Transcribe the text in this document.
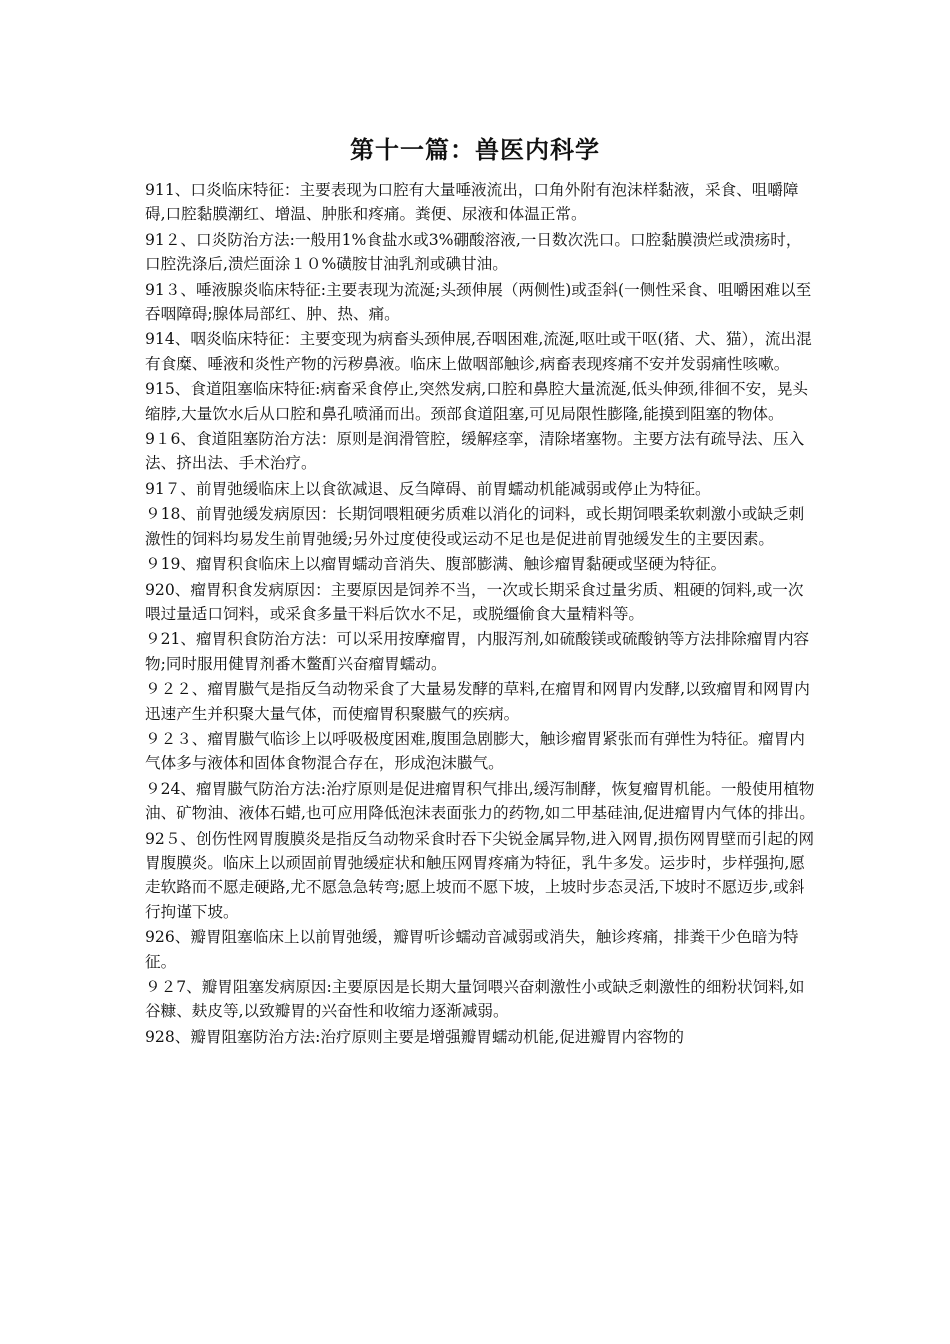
第十一篇：兽医内科学

911、口炎临床特征：主要表现为口腔有大量唾液流出，口角外附有泡沫样黏液，采食、咀嚼障碍,口腔黏膜潮红、增温、肿胀和疼痛。粪便、尿液和体温正常。

91２、口炎防治方法:一般用1%食盐水或3%硼酸溶液,一日数次洗口。口腔黏膜溃烂或溃疡时，口腔洗涤后,溃烂面涂１０%磺胺甘油乳剂或碘甘油。

91３、唾液腺炎临床特征:主要表现为流涎;头颈伸展（两侧性)或歪斜(一侧性采食、咀嚼困难以至吞咽障碍;腺体局部红、肿、热、痛。

914、咽炎临床特征：主要变现为病畜头颈伸展,吞咽困难,流涎,呕吐或干呕(猪、犬、猫），流出混有食糜、唾液和炎性产物的污秽鼻液。临床上做咽部触诊,病畜表现疼痛不安并发弱痛性咳嗽。

915、食道阻塞临床特征:病畜采食停止,突然发病,口腔和鼻腔大量流涎,低头伸颈,徘徊不安，晃头缩脖,大量饮水后从口腔和鼻孔喷涌而出。颈部食道阻塞,可见局限性膨隆,能摸到阻塞的物体。

9１6、食道阻塞防治方法：原则是润滑管腔，缓解痉挛，清除堵塞物。主要方法有疏导法、压入法、挤出法、手术治疗。

91７、前胃弛缓临床上以食欲减退、反刍障碍、前胃蠕动机能减弱或停止为特征。

９18、前胃弛缓发病原因：长期饲喂粗硬劣质难以消化的词料，或长期饲喂柔软刺激小或缺乏刺激性的饲料均易发生前胃弛缓;另外过度使役或运动不足也是促进前胃弛缓发生的主要因素。

９19、瘤胃积食临床上以瘤胃蠕动音消失、腹部膨满、触诊瘤胃黏硬或坚硬为特征。

920、瘤胃积食发病原因：主要原因是饲养不当，一次或长期采食过量劣质、粗硬的饲料,或一次喂过量适口饲料，或采食多量干料后饮水不足，或脱缰偷食大量精料等。

９21、瘤胃积食防治方法：可以采用按摩瘤胃，内服泻剂,如硫酸镁或硫酸钠等方法排除瘤胃内容物;同时服用健胃剂番木鳖酊兴奋瘤胃蠕动。

９２２、瘤胃臌气是指反刍动物采食了大量易发酵的草料,在瘤胃和网胃内发酵,以致瘤胃和网胃内迅速产生并积聚大量气体，而使瘤胃积聚臌气的疾病。

９２３、瘤胃臌气临诊上以呼吸极度困难,腹围急剧膨大，触诊瘤胃紧张而有弹性为特征。瘤胃内气体多与液体和固体食物混合存在，形成泡沫臌气。

９24、瘤胃臌气防治方法:治疗原则是促进瘤胃积气排出,缓泻制酵，恢复瘤胃机能。一般使用植物油、矿物油、液体石蜡,也可应用降低泡沫表面张力的药物,如二甲基硅油,促进瘤胃内气体的排出。

92５、创伤性网胃腹膜炎是指反刍动物采食时吞下尖锐金属异物,进入网胃,损伤网胃壁而引起的网胃腹膜炎。临床上以顽固前胃弛缓症状和触压网胃疼痛为特征，乳牛多发。运步时，步样强拘,愿走软路而不愿走硬路,尤不愿急急转弯;愿上坡而不愿下坡，上坡时步态灵活,下坡时不愿迈步,或斜行拘谨下坡。

926、瓣胃阻塞临床上以前胃弛缓，瓣胃听诊蠕动音减弱或消失，触诊疼痛，排粪干少色暗为特征。

９２7、瓣胃阻塞发病原因:主要原因是长期大量饲喂兴奋刺激性小或缺乏刺激性的细粉状饲料,如谷糠、麸皮等,以致瓣胃的兴奋性和收缩力逐渐减弱。

928、瓣胃阻塞防治方法:治疗原则主要是增强瓣胃蠕动机能,促进瓣胃内容物的
